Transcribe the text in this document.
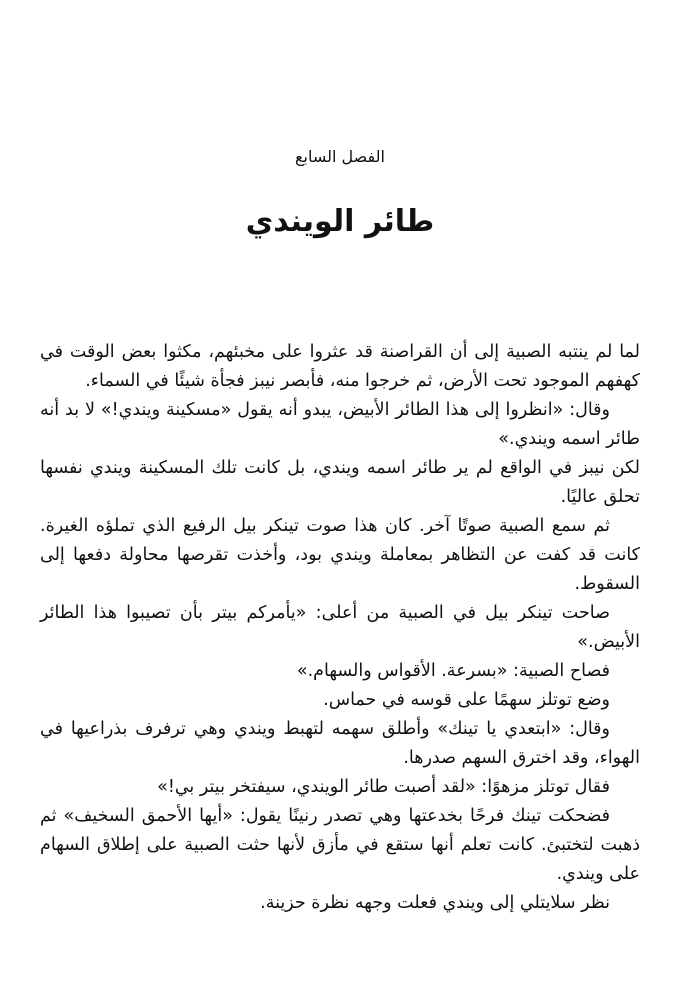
الفصل السابع
طائر الويندي

لما لم ينتبه الصبية إلى أن القراصنة قد عثروا على مخبئهم، مكثوا بعض الوقت في كهفهم الموجود تحت الأرض، ثم خرجوا منه، فأبصر نيبز فجأة شيئًا في السماء.

وقال: «انظروا إلى هذا الطائر الأبيض، يبدو أنه يقول «مسكينة ويندي!» لا بد أنه طائر اسمه ويندي.»

لكن نيبز في الواقع لم ير طائر اسمه ويندي، بل كانت تلك المسكينة ويندي نفسها تحلق عاليًا.

ثم سمع الصبية صوتًا آخر. كان هذا صوت تينكر بيل الرفيع الذي تملؤه الغيرة. كانت قد كفت عن التظاهر بمعاملة ويندي بود، وأخذت تقرصها محاولة دفعها إلى السقوط.

صاحت تينكر بيل في الصبية من أعلى: «يأمركم بيتر بأن تصيبوا هذا الطائر الأبيض.»

فصاح الصبية: «بسرعة. الأقواس والسهام.»

وضع توتلز سهمًا على قوسه في حماس.

وقال: «ابتعدي يا تينك» وأطلق سهمه لتهبط ويندي وهي ترفرف بذراعيها في الهواء، وقد اخترق السهم صدرها.

فقال توتلز مزهوًا: «لقد أصبت طائر الويندي، سيفتخر بيتر بي!»

فضحكت تينك فرحًا بخدعتها وهي تصدر رنينًا يقول: «أيها الأحمق السخيف» ثم ذهبت لتختبئ. كانت تعلم أنها ستقع في مأزق لأنها حثت الصبية على إطلاق السهام على ويندي.

نظر سلايتلي إلى ويندي فعلت وجهه نظرة حزينة.
